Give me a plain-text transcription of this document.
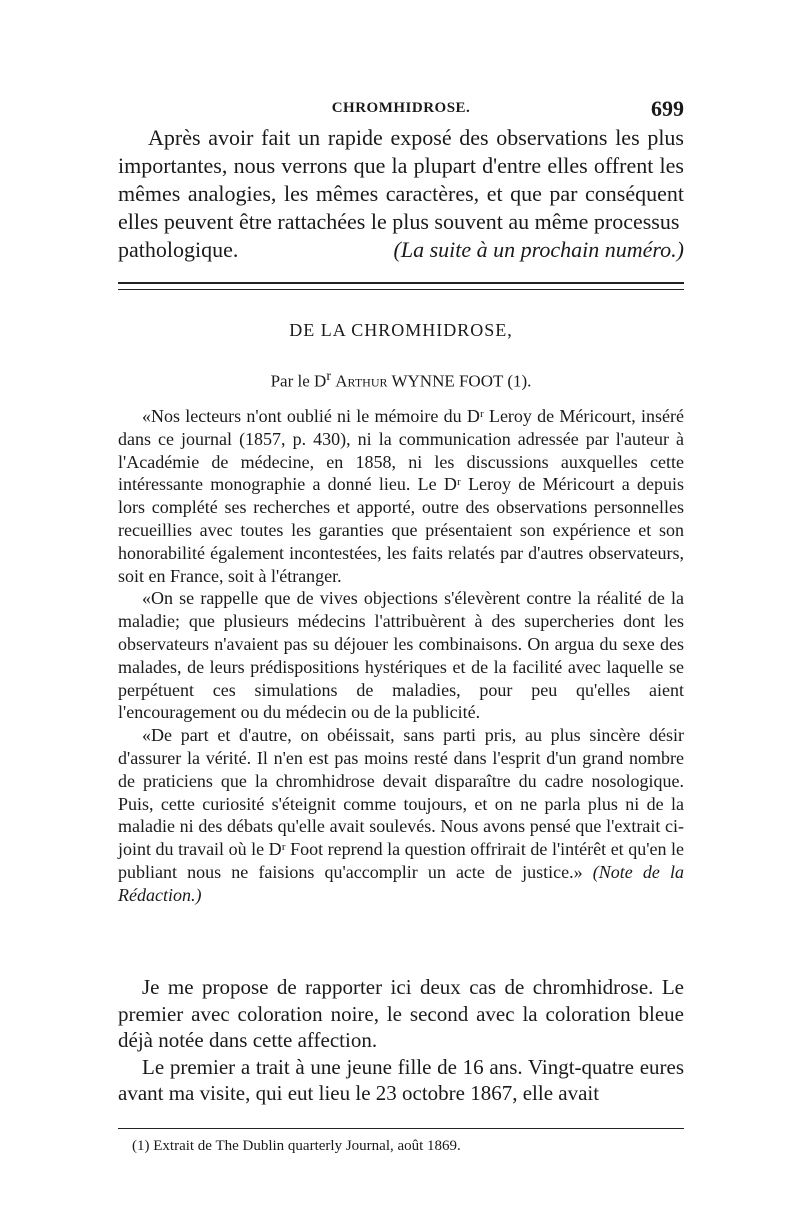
CHROMHIDROSE.	699

Après avoir fait un rapide exposé des observations les plus importantes, nous verrons que la plupart d'entre elles offrent les mêmes analogies, les mêmes caractères, et que par conséquent elles peuvent être rattachées le plus souvent au même processus

pathologique.	(La suite à un prochain numéro.)
DE LA CHROMHIDROSE,
Par le $D^r$ Arthur WYNNE FOOT (1).

«Nos lecteurs n'ont oublié ni le mémoire du Dʳ Leroy de Méricourt, inséré dans ce journal (1857, p. 430), ni la communication adressée par l'auteur à l'Académie de médecine, en 1858, ni les discussions auxquelles cette intéressante monographie a donné lieu. Le Dʳ Leroy de Méricourt a depuis lors complété ses recherches et apporté, outre des observations personnelles recueillies avec toutes les garanties que présentaient son expérience et son honorabilité également incontestées, les faits relatés par d'autres observateurs, soit en France, soit à l'étranger.

«On se rappelle que de vives objections s'élevèrent contre la réalité de la maladie; que plusieurs médecins l'attribuèrent à des supercheries dont les observateurs n'avaient pas su déjouer les combinaisons. On argua du sexe des malades, de leurs prédispositions hystériques et de la facilité avec laquelle se perpétuent ces simulations de maladies, pour peu qu'elles aient l'encouragement ou du médecin ou de la publicité.

«De part et d'autre, on obéissait, sans parti pris, au plus sincère désir d'assurer la vérité. Il n'en est pas moins resté dans l'esprit d'un grand nombre de praticiens que la chromhidrose devait disparaître du cadre nosologique. Puis, cette curiosité s'éteignit comme toujours, et on ne parla plus ni de la maladie ni des débats qu'elle avait soulevés. Nous avons pensé que l'extrait ci-joint du travail où le Dʳ Foot reprend la question offrirait de l'intérêt et qu'en le publiant nous ne faisions qu'accomplir un acte de justice.» (Note de la Rédaction.)

Je me propose de rapporter ici deux cas de chromhidrose. Le premier avec coloration noire, le second avec la coloration bleue déjà notée dans cette affection.

Le premier a trait à une jeune fille de 16 ans. Vingt-quatre eures avant ma visite, qui eut lieu le 23 octobre 1867, elle avait

(1) Extrait de The Dublin quarterly Journal, août 1869.
